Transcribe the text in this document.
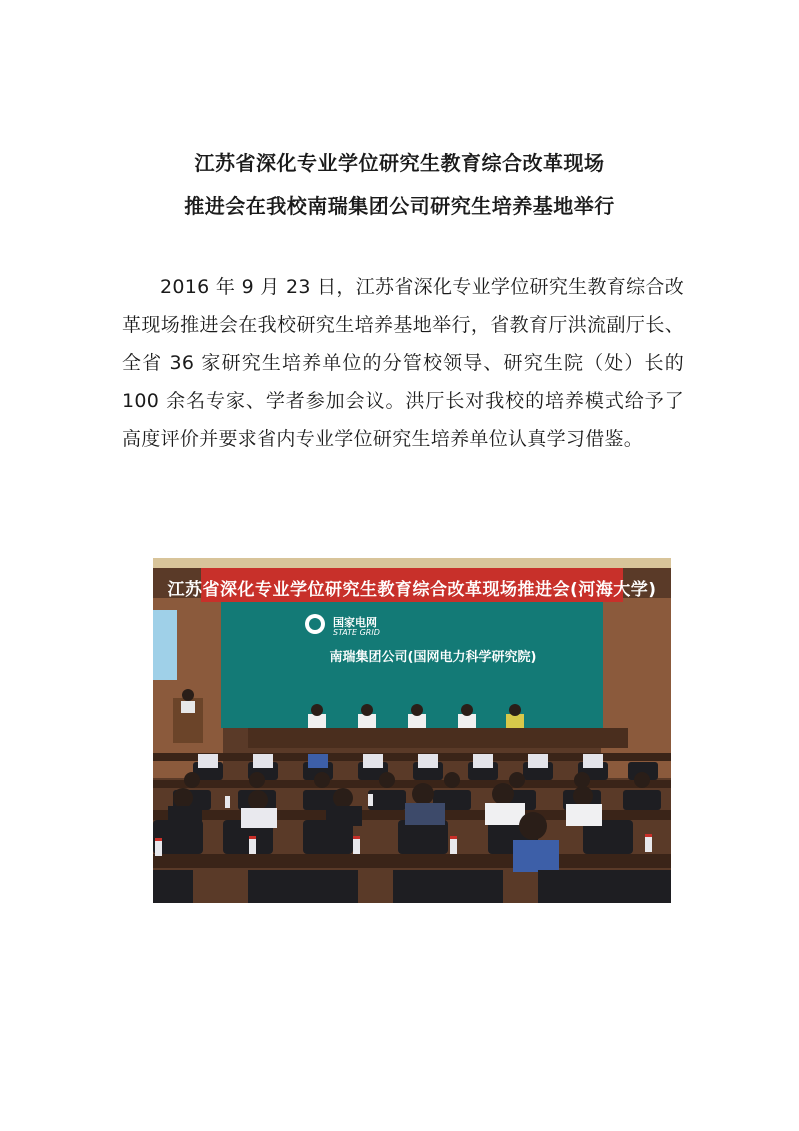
江苏省深化专业学位研究生教育综合改革现场
推进会在我校南瑞集团公司研究生培养基地举行

2016 年 9 月 23 日，江苏省深化专业学位研究生教育综合改革现场推进会在我校研究生培养基地举行，省教育厅洪流副厅长、全省 36 家研究生培养单位的分管校领导、研究生院（处）长的 100 余名专家、学者参加会议。洪厅长对我校的培养模式给予了高度评价并要求省内专业学位研究生培养单位认真学习借鉴。

江苏省深化专业学位研究生教育综合改革现场推进会(河海大学)
国家电网
STATE GRID
南瑞集团公司(国网电力科学研究院)
